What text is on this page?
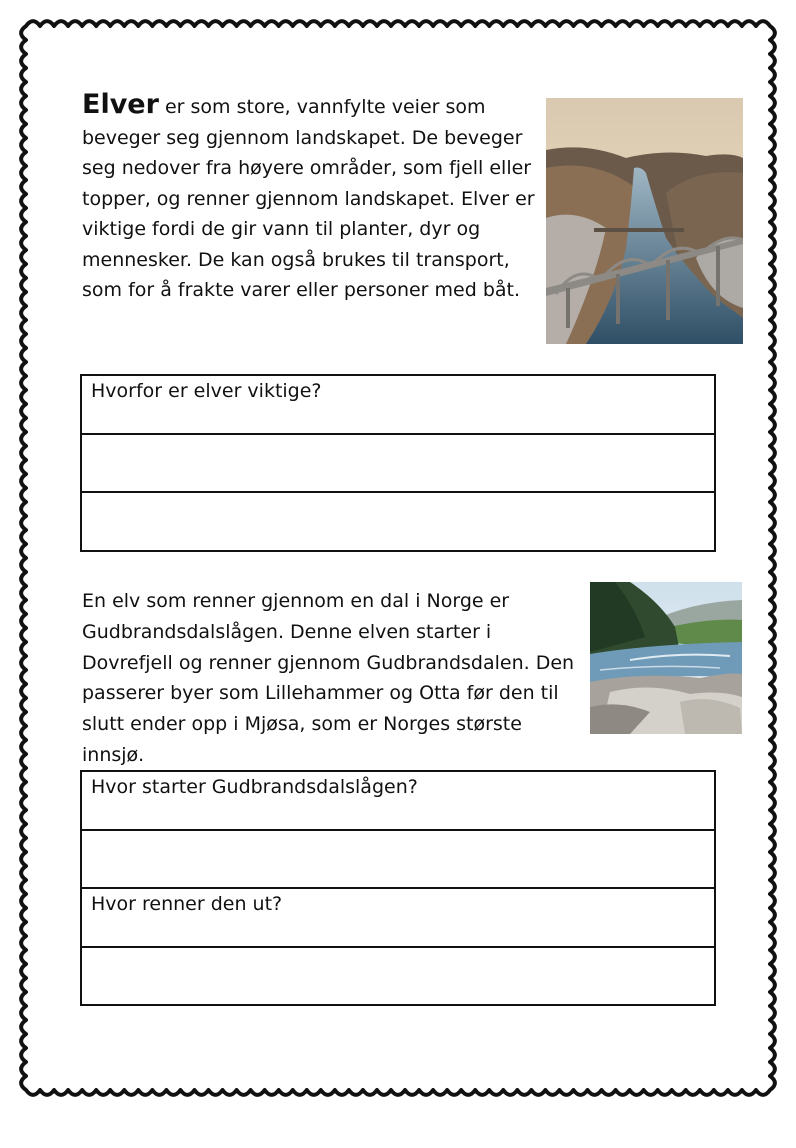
Elver er som store, vannfylte veier som beveger seg gjennom landskapet. De beveger seg nedover fra høyere områder, som fjell eller topper, og renner gjennom landskapet. Elver er viktige fordi de gir vann til planter, dyr og mennesker. De kan også brukes til transport, som for å frakte varer eller personer med båt.

Hvorfor er elver viktige?

En elv som renner gjennom en dal i Norge er Gudbrandsdalslågen. Denne elven starter i Dovrefjell og renner gjennom Gudbrandsdalen. Den passerer byer som Lillehammer og Otta før den til slutt ender opp i Mjøsa, som er Norges største innsjø.

Hvor starter Gudbrandsdalslågen?
Hvor renner den ut?
